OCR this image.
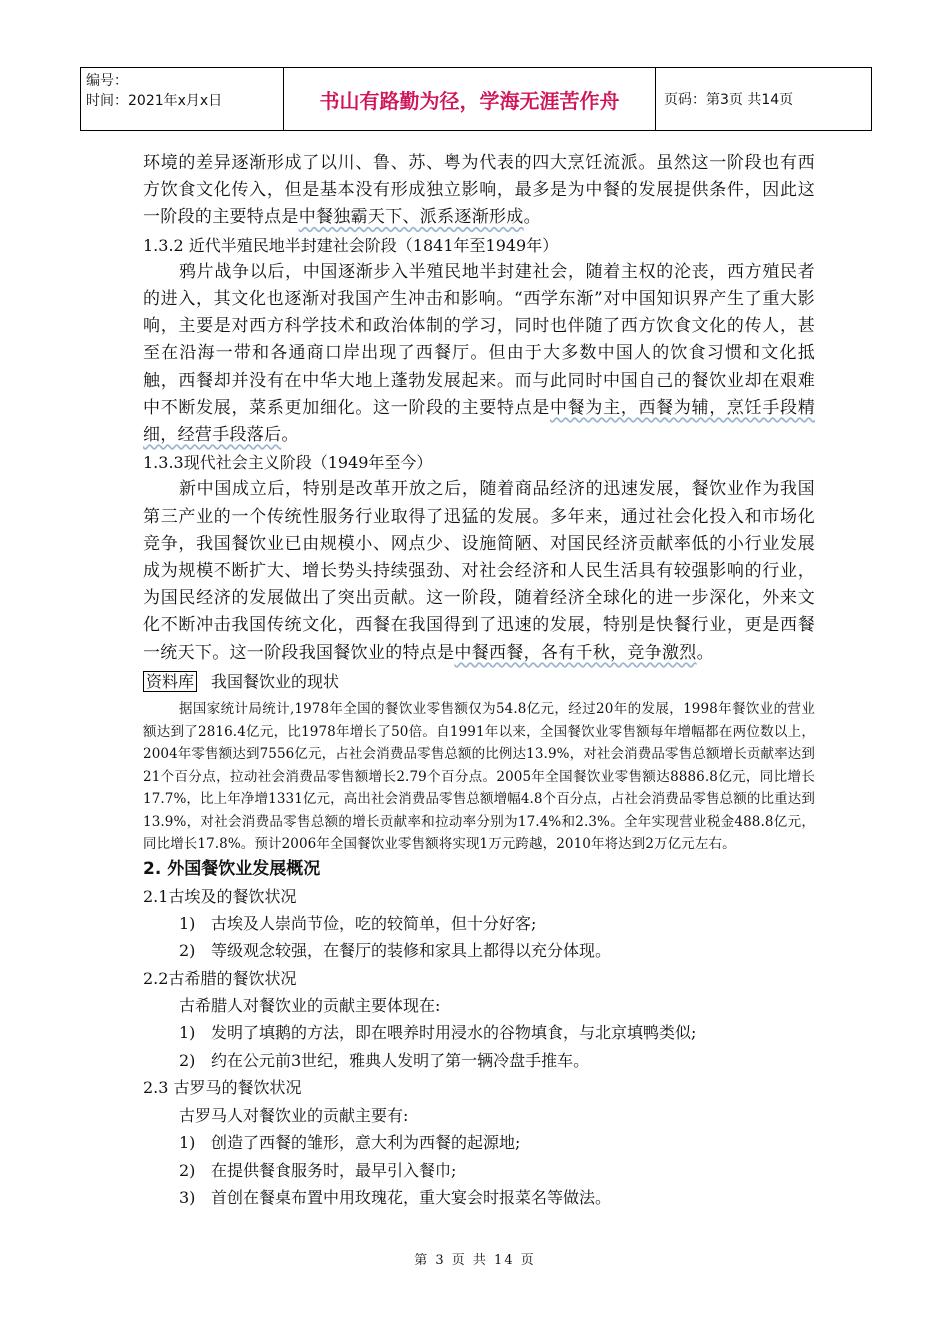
编号：
时间：2021年x月x日	书山有路勤为径，学海无涯苦作舟	页码：第3页 共14页

环境的差异逐渐形成了以川、鲁、苏、粤为代表的四大烹饪流派。虽然这一阶段也有西方饮食文化传入，但是基本没有形成独立影响，最多是为中餐的发展提供条件，因此这一阶段的主要特点是中餐独霸天下、派系逐渐形成。

1.3.2 近代半殖民地半封建社会阶段（1841年至1949年）

鸦片战争以后，中国逐渐步入半殖民地半封建社会，随着主权的沦丧，西方殖民者的进入，其文化也逐渐对我国产生冲击和影响。“西学东渐”对中国知识界产生了重大影响，主要是对西方科学技术和政治体制的学习，同时也伴随了西方饮食文化的传人，甚至在沿海一带和各通商口岸出现了西餐厅。但由于大多数中国人的饮食习惯和文化抵触，西餐却并没有在中华大地上蓬勃发展起来。而与此同时中国自己的餐饮业却在艰难中不断发展，菜系更加细化。这一阶段的主要特点是中餐为主，西餐为辅，烹饪手段精细，经营手段落后。

1.3.3现代社会主义阶段（1949年至今）

新中国成立后，特别是改革开放之后，随着商品经济的迅速发展，餐饮业作为我国第三产业的一个传统性服务行业取得了迅猛的发展。多年来，通过社会化投入和市场化竞争，我国餐饮业已由规模小、网点少、设施简陋、对国民经济贡献率低的小行业发展成为规模不断扩大、增长势头持续强劲、对社会经济和人民生活具有较强影响的行业，为国民经济的发展做出了突出贡献。这一阶段，随着经济全球化的进一步深化，外来文化不断冲击我国传统文化，西餐在我国得到了迅速的发展，特别是快餐行业，更是西餐一统天下。这一阶段我国餐饮业的特点是中餐西餐，各有千秋，竞争激烈。

资料库 我国餐饮业的现状

据国家统计局统计,1978年全国的餐饮业零售额仅为54.8亿元，经过20年的发展，1998年餐饮业的营业额达到了2816.4亿元，比1978年增长了50倍。自1991年以来，全国餐饮业零售额每年增幅都在两位数以上，2004年零售额达到7556亿元，占社会消费品零售总额的比例达13.9%，对社会消费品零售总额增长贡献率达到21个百分点，拉动社会消费品零售额增长2.79个百分点。2005年全国餐饮业零售额达8886.8亿元，同比增长17.7%，比上年净增1331亿元，高出社会消费品零售总额增幅4.8个百分点，占社会消费品零售总额的比重达到13.9%，对社会消费品零售总额的增长贡献率和拉动率分别为17.4%和2.3%。全年实现营业税金488.8亿元，同比增长17.8%。预计2006年全国餐饮业零售额将实现1万元跨越，2010年将达到2万亿元左右。

2. 外国餐饮业发展概况

2.1古埃及的餐饮状况

1) 古埃及人崇尚节俭，吃的较简单，但十分好客;

2) 等级观念较强，在餐厅的装修和家具上都得以充分体现。

2.2古希腊的餐饮状况

古希腊人对餐饮业的贡献主要体现在:

1) 发明了填鹅的方法，即在喂养时用浸水的谷物填食，与北京填鸭类似;

2) 约在公元前3世纪，雅典人发明了第一辆冷盘手推车。

2.3 古罗马的餐饮状况

古罗马人对餐饮业的贡献主要有:

1) 创造了西餐的雏形，意大利为西餐的起源地;

2) 在提供餐食服务时，最早引入餐巾;

3) 首创在餐桌布置中用玫瑰花，重大宴会时报菜名等做法。

第 3 页 共 14 页
